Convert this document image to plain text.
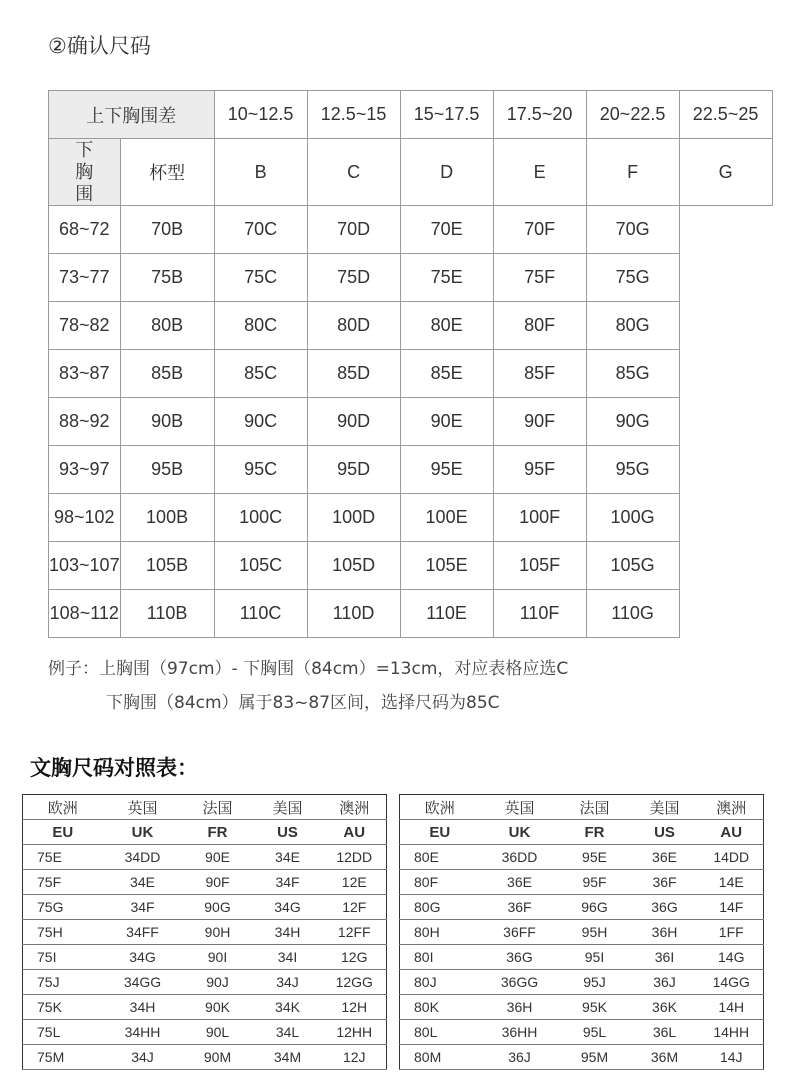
②确认尺码
上下胸围差		10~12.5	12.5~15	15~17.5	17.5~20	20~22.5	22.5~25

下
胸
围	杯型	B	C	D	E	F	G
68~72	70B	70C	70D	70E	70F	70G	
73~77	75B	75C	75D	75E	75F	75G	
78~82	80B	80C	80D	80E	80F	80G	
83~87	85B	85C	85D	85E	85F	85G	
88~92	90B	90C	90D	90E	90F	90G	
93~97	95B	95C	95D	95E	95F	95G	
98~102	100B	100C	100D	100E	100F	100G	
103~107	105B	105C	105D	105E	105F	105G	
108~112	110B	110C	110D	110E	110F	110G	
例子：上胸围（97cm）- 下胸围（84cm）=13cm，对应表格应选C
下胸围（84cm）属于83~87区间，选择尺码为85C
文胸尺码对照表：
欧洲	英国	法国	美国	澳洲
EU	UK	FR	US	AU
75E	34DD	90E	34E	12DD
75F	34E	90F	34F	12E
75G	34F	90G	34G	12F
75H	34FF	90H	34H	12FF
75I	34G	90I	34I	12G
75J	34GG	90J	34J	12GG
75K	34H	90K	34K	12H
75L	34HH	90L	34L	12HH
75M	34J	90M	34M	12J
欧洲	英国	法国	美国	澳洲
EU	UK	FR	US	AU
80E	36DD	95E	36E	14DD
80F	36E	95F	36F	14E
80G	36F	96G	36G	14F
80H	36FF	95H	36H	1FF
80I	36G	95I	36I	14G
80J	36GG	95J	36J	14GG
80K	36H	95K	36K	14H
80L	36HH	95L	36L	14HH
80M	36J	95M	36M	14J
